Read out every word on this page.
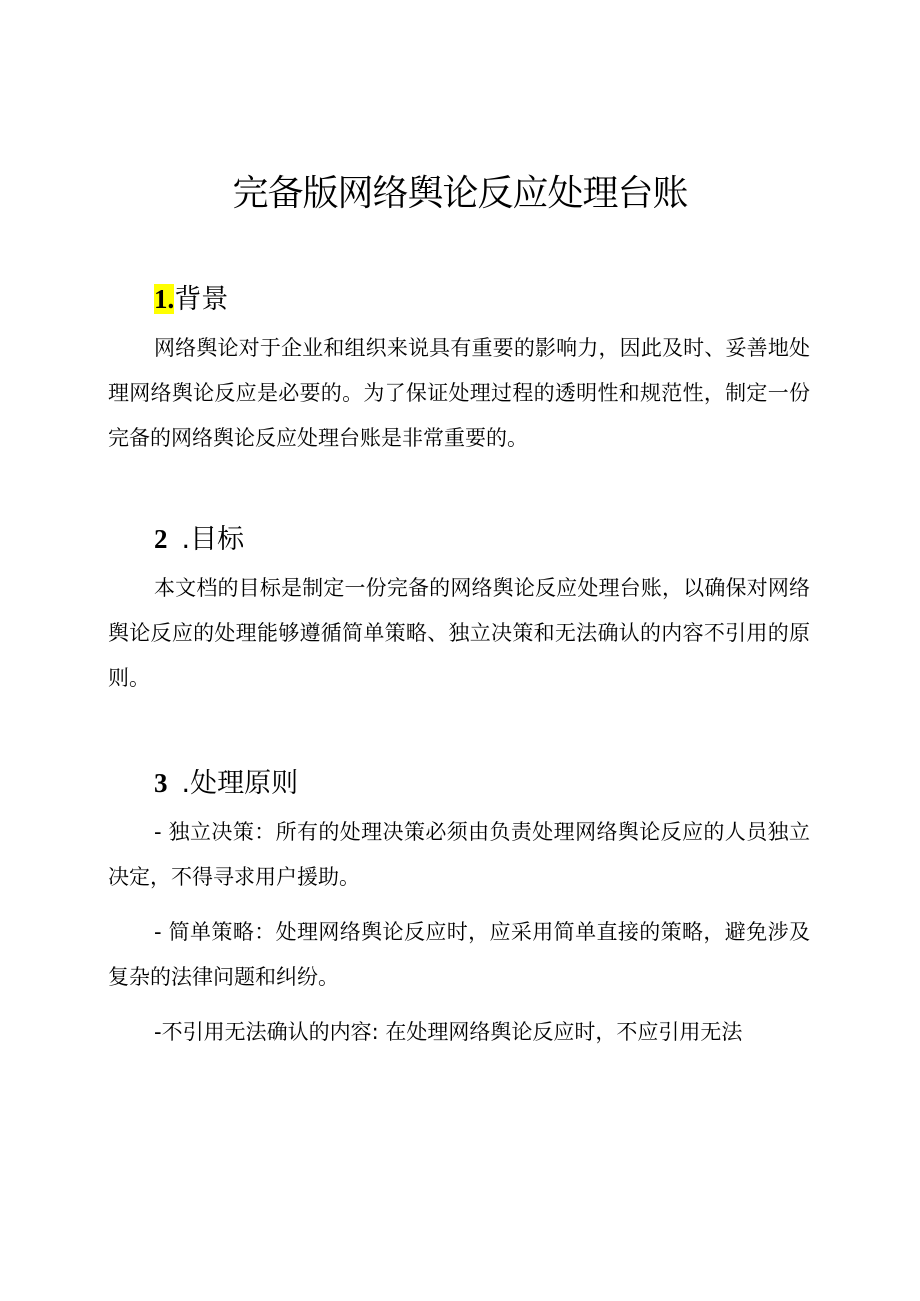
完备版网络舆论反应处理台账
1.背景

网络舆论对于企业和组织来说具有重要的影响力，因此及时、妥善地处理网络舆论反应是必要的。为了保证处理过程的透明性和规范性，制定一份完备的网络舆论反应处理台账是非常重要的。

2 .目标

本文档的目标是制定一份完备的网络舆论反应处理台账，以确保对网络舆论反应的处理能够遵循简单策略、独立决策和无法确认的内容不引用的原则。

3 .处理原则

- 独立决策：所有的处理决策必须由负责处理网络舆论反应的人员独立决定，不得寻求用户援助。

- 简单策略：处理网络舆论反应时，应采用简单直接的策略，避免涉及复杂的法律问题和纠纷。

-不引用无法确认的内容: 在处理网络舆论反应时，不应引用无法
